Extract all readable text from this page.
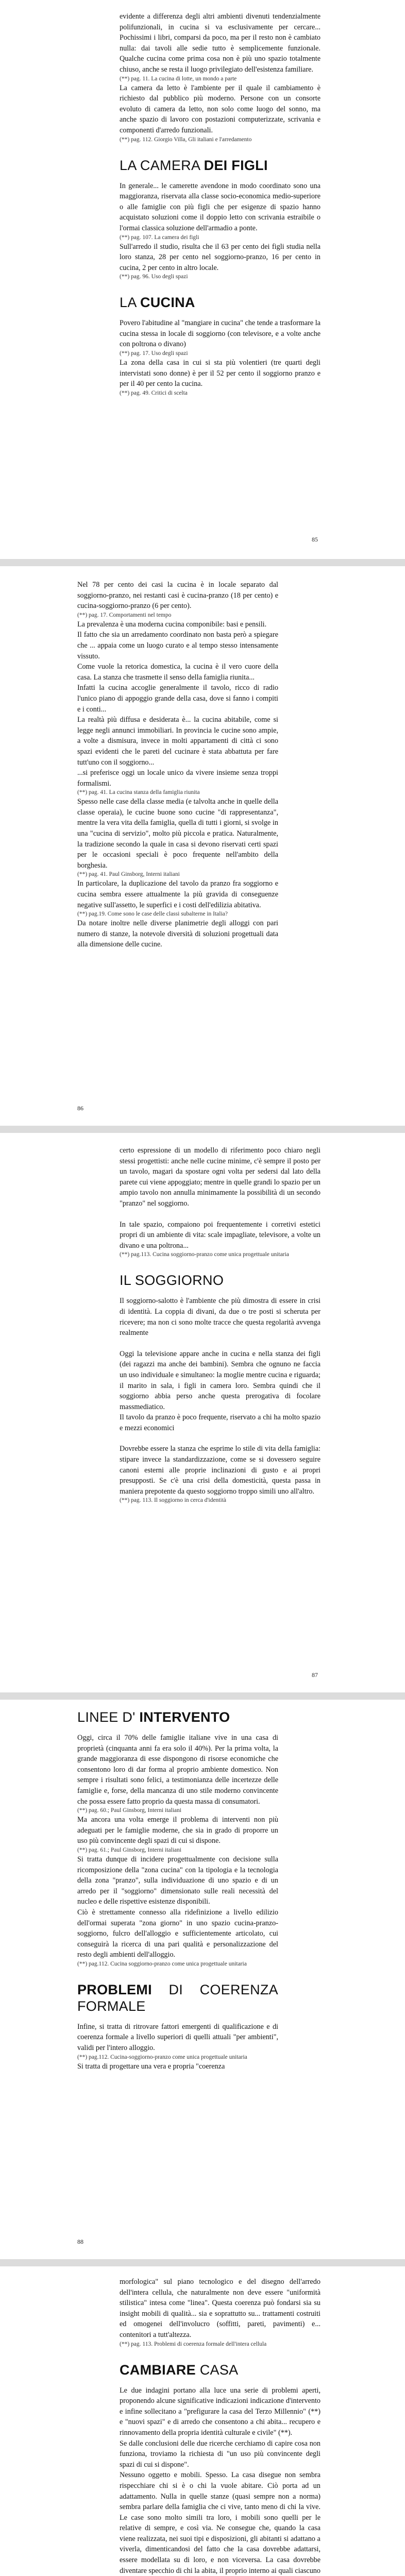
evidente a differenza degli altri ambienti divenuti tendenzialmente polifunzionali, in cucina si va esclusivamente per cercare... Pochissimi i libri, comparsi da poco, ma per il resto non è cambiato nulla: dai tavoli alle sedie tutto è semplicemente funzionale. Qualche cucina come prima cosa non è più uno spazio totalmente chiuso, anche se resta il luogo privilegiato dell'esistenza familiare.

(**) pag. 11. La cucina di lotte, un mondo a parte

La camera da letto è l'ambiente per il quale il cambiamento è richiesto dal pubblico più moderno. Persone con un consorte evoluto di camera da letto, non solo come luogo del sonno, ma anche spazio di lavoro con postazioni computerizzate, scrivania e componenti d'arredo funzionali.

(**) pag. 112. Giorgio Villa, Gli italiani e l'arredamento

LA CAMERA DEI FIGLI

In generale... le camerette avendone in modo coordinato sono una maggioranza, riservata alla classe socio-economica medio-superiore o alle famiglie con più figli che per esigenze di spazio hanno acquistato soluzioni come il doppio letto con scrivania estraibile o l'ormai classica soluzione dell'armadio a ponte.

(**) pag. 107. La camera dei figli

Sull'arredo il studio, risulta che il 63 per cento dei figli studia nella loro stanza, 28 per cento nel soggiorno-pranzo, 16 per cento in cucina, 2 per cento in altro locale.

(**) pag. 96. Uso degli spazi

LA CUCINA

Povero l'abitudine al "mangiare in cucina" che tende a trasformare la cucina stessa in locale di soggiorno (con televisore, e a volte anche con poltrona o divano)

(**) pag. 17. Uso degli spazi

La zona della casa in cui si sta più volentieri (tre quarti degli intervistati sono donne) è per il 52 per cento il soggiorno pranzo e per il 40 per cento la cucina.

(**) pag. 49. Critici di scelta

85

Nel 78 per cento dei casi la cucina è in locale separato dal soggiorno-pranzo, nei restanti casi è cucina-pranzo (18 per cento) e cucina-soggiorno-pranzo (6 per cento).

(**) pag. 17. Comportamenti nel tempo

La prevalenza è una moderna cucina componibile: basi e pensili.

Il fatto che sia un arredamento coordinato non basta però a spiegare che ... appaia come un luogo curato e al tempo stesso intensamente vissuto.

Come vuole la retorica domestica, la cucina è il vero cuore della casa. La stanza che trasmette il senso della famiglia riunita...

Infatti la cucina accoglie generalmente il tavolo, ricco di radio l'unico piano di appoggio grande della casa, dove si fanno i compiti e i conti...

La realtà più diffusa e desiderata è... la cucina abitabile, come si legge negli annunci immobiliari. In provincia le cucine sono ampie, a volte a dismisura, invece in molti appartamenti di città ci sono spazi evidenti che le pareti del cucinare è stata abbattuta per fare tutt'uno con il soggiorno...

...si preferisce oggi un locale unico da vivere insieme senza troppi formalismi.

(**) pag. 41. La cucina stanza della famiglia riunita

Spesso nelle case della classe media (e talvolta anche in quelle della classe operaia), le cucine buone sono cucine "di rappresentanza", mentre la vera vita della famiglia, quella di tutti i giorni, si svolge in una "cucina di servizio", molto più piccola e pratica. Naturalmente, la tradizione secondo la quale in casa si devono riservati certi spazi per le occasioni speciali è poco frequente nell'ambito della borghesia.

(**) pag. 41. Paul Ginsborg, Interni italiani

In particolare, la duplicazione del tavolo da pranzo fra soggiorno e cucina sembra essere attualmente la più gravida di conseguenze negative sull'assetto, le superfici e i costi dell'edilizia abitativa.

(**) pag.19. Come sono le case delle classi subalterne in Italia?

Da notare inoltre nelle diverse planimetrie degli alloggi con pari numero di stanze, la notevole diversità di soluzioni progettuali data alla dimensione delle cucine.

86

certo espressione di un modello di riferimento poco chiaro negli stessi progettisti: anche nelle cucine minime, c'è sempre il posto per un tavolo, magari da spostare ogni volta per sedersi dal lato della parete cui viene appoggiato; mentre in quelle grandi lo spazio per un ampio tavolo non annulla minimamente la possibilità di un secondo "pranzo" nel soggiorno.

In tale spazio, compaiono poi frequentemente i corretivi estetici propri di un ambiente di vita: scale impagliate, televisore, a volte un divano e una poltrona...

(**) pag.113. Cucina soggiorno-pranzo come unica progettuale unitaria

IL SOGGIORNO

Il soggiorno-salotto è l'ambiente che più dimostra di essere in crisi di identità. La coppia di divani, da due o tre posti si scheruta per ricevere; ma non ci sono molte tracce che questa regolarità avvenga realmente

Oggi la televisione appare anche in cucina e nella stanza dei figli (dei ragazzi ma anche dei bambini). Sembra che ognuno ne faccia un uso individuale e simultaneo: la moglie mentre cucina e riguarda; il marito in sala, i figli in camera loro. Sembra quindi che il soggiorno abbia perso anche questa prerogativa di focolare massmediatico.

Il tavolo da pranzo è poco frequente, riservato a chi ha molto spazio e mezzi economici

Dovrebbe essere la stanza che esprime lo stile di vita della famiglia: stipare invece la standardizzazione, come se si dovessero seguire canoni esterni alle proprie inclinazioni di gusto e ai propri presupposti. Se c'è una crisi della domesticità, questa passa in maniera prepotente da questo soggiorno troppo simili uno all'altro.

(**) pag. 113. Il soggiorno in cerca d'identità

87
LINEE D' INTERVENTO

Oggi, circa il 70% delle famiglie italiane vive in una casa di proprietà (cinquanta anni fa era solo il 40%). Per la prima volta, la grande maggioranza di esse dispongono di risorse economiche che consentono loro di dar forma al proprio ambiente domestico. Non sempre i risultati sono felici, a testimonianza delle incertezze delle famiglie e, forse, della mancanza di uno stile moderno convincente che possa essere fatto proprio da questa massa di consumatori.

(**) pag. 60.; Paul Ginsborg, Interni italiani

Ma ancora una volta emerge il problema di interventi non più adeguati per le famiglie moderne, che sia in grado di proporre un uso più convincente degli spazi di cui si dispone.

(**) pag. 61.; Paul Ginsborg, Interni italiani

Si tratta dunque di incidere progettualmente con decisione sulla ricomposizione della "zona cucina" con la tipologia e la tecnologia della zona "pranzo", sulla individuazione di uno spazio e di un arredo per il "soggiorno" dimensionato sulle reali necessità del nucleo e delle rispettive esistenze disponibili.

Ciò è strettamente connesso alla ridefinizione a livello edilizio dell'ormai superata "zona giorno" in uno spazio cucina-pranzo-soggiorno, fulcro dell'alloggio e sufficientemente articolato, cui conseguirà la ricerca di una pari qualità e personalizzazione del resto degli ambienti dell'alloggio.

(**) pag.112. Cucina soggiorno-pranzo come unica progettuale unitaria

PROBLEMI DI COERENZA FORMALE

Infine, si tratta di ritrovare fattori emergenti di qualificazione e di coerenza formale a livello superiori di quelli attuali "per ambienti", validi per l'intero alloggio.

(**) pag.112. Cucina-soggiorno-pranzo come unica progettuale unitaria

Si tratta di progettare una vera e propria "coerenza

88

morfologica" sul piano tecnologico e del disegno dell'arredo dell'intera cellula, che naturalmente non deve essere "uniformità stilistica" intesa come "linea". Questa coerenza può fondarsi sia su insight mobili di qualità... sia e soprattutto su... trattamenti costruiti ed omogenei dell'involucro (soffitti, pareti, pavimenti) e... contenitori a tutt'altezza.

(**) pag. 113. Problemi di coerenza formale dell'intera cellula

CAMBIARE CASA

Le due indagini portano alla luce una serie di problemi aperti, proponendo alcune significative indicazioni indicazione d'intervento e infine sollecitano a "prefigurare la casa del Terzo Millennio" (**) e "nuovi spazi" e di arredo che consentono a chi abita... recupero e rinnovamento della propria identità culturale e civile" (**).

Se dalle conclusioni delle due ricerche cerchiamo di capire cosa non funziona, troviamo la richiesta di "un uso più convincente degli spazi di cui si dispone".

Nessuno oggetto e mobili. Spesso. La casa disegue non sembra rispecchiare chi si è o chi la vuole abitare. Ciò porta ad un adattamento. Nulla in quelle stanze (quasi sempre non a norma) sembra parlare della famiglia che ci vive, tanto meno di chi la vive. Le case sono molto simili tra loro, i mobili sono quelli per le relative di sempre, e così via. Ne consegue che, quando la casa viene realizzata, nei suoi tipi e disposizioni, gli abitanti si adattano a viverla, dimenticandosi del fatto che la casa dovrebbe adattarsi, essere modellata su di loro, e non viceversa. La casa dovrebbe diventare specchio di chi la abita, il proprio interno ai quali ciascuno
